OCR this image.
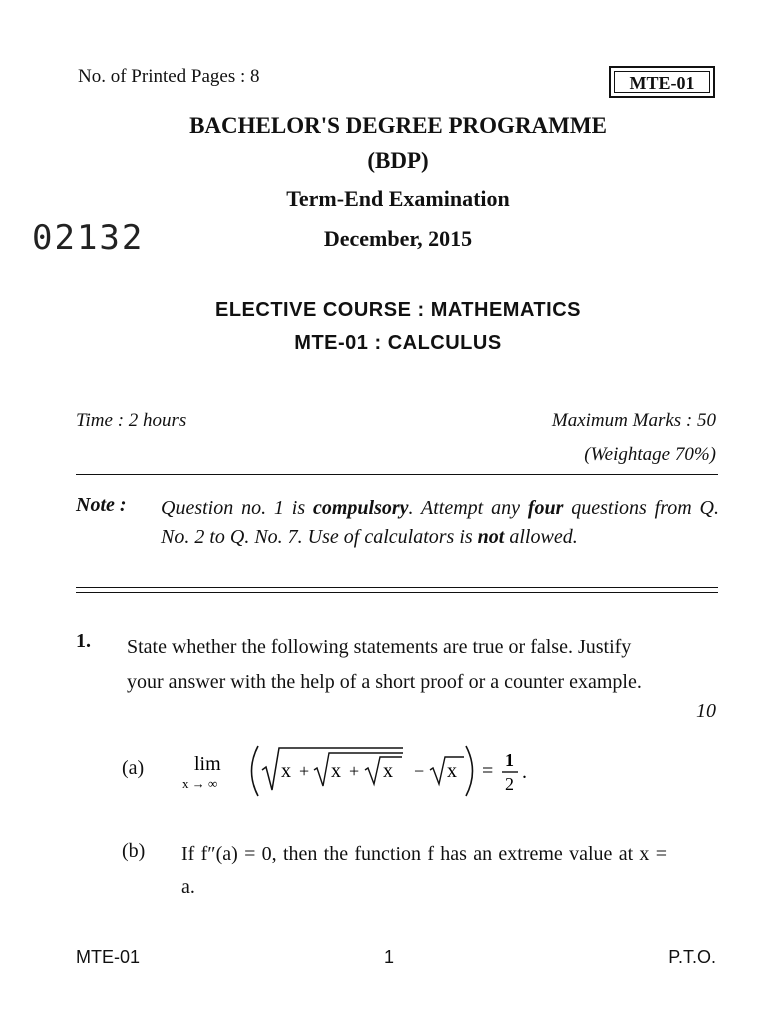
No. of Printed Pages : 8	MTE-01
BACHELOR'S DEGREE PROGRAMME
(BDP)
Term-End Examination
02132	December, 2015
ELECTIVE COURSE : MATHEMATICS
MTE-01 : CALCULUS
Time : 2 hours	Maximum Marks : 50
(Weightage 70%)
Note : Question no. 1 is compulsory. Attempt any four questions from Q. No. 2 to Q. No. 7. Use of calculators is not allowed.
1. State whether the following statements are true or false. Justify your answer with the help of a short proof or a counter example.
10
(a) lim
x → ∞
x + x + x − x = 1
2
.
(b) If f″(a) = 0, then the function f has an extreme value at x = a.
MTE-01	1	P.T.O.
